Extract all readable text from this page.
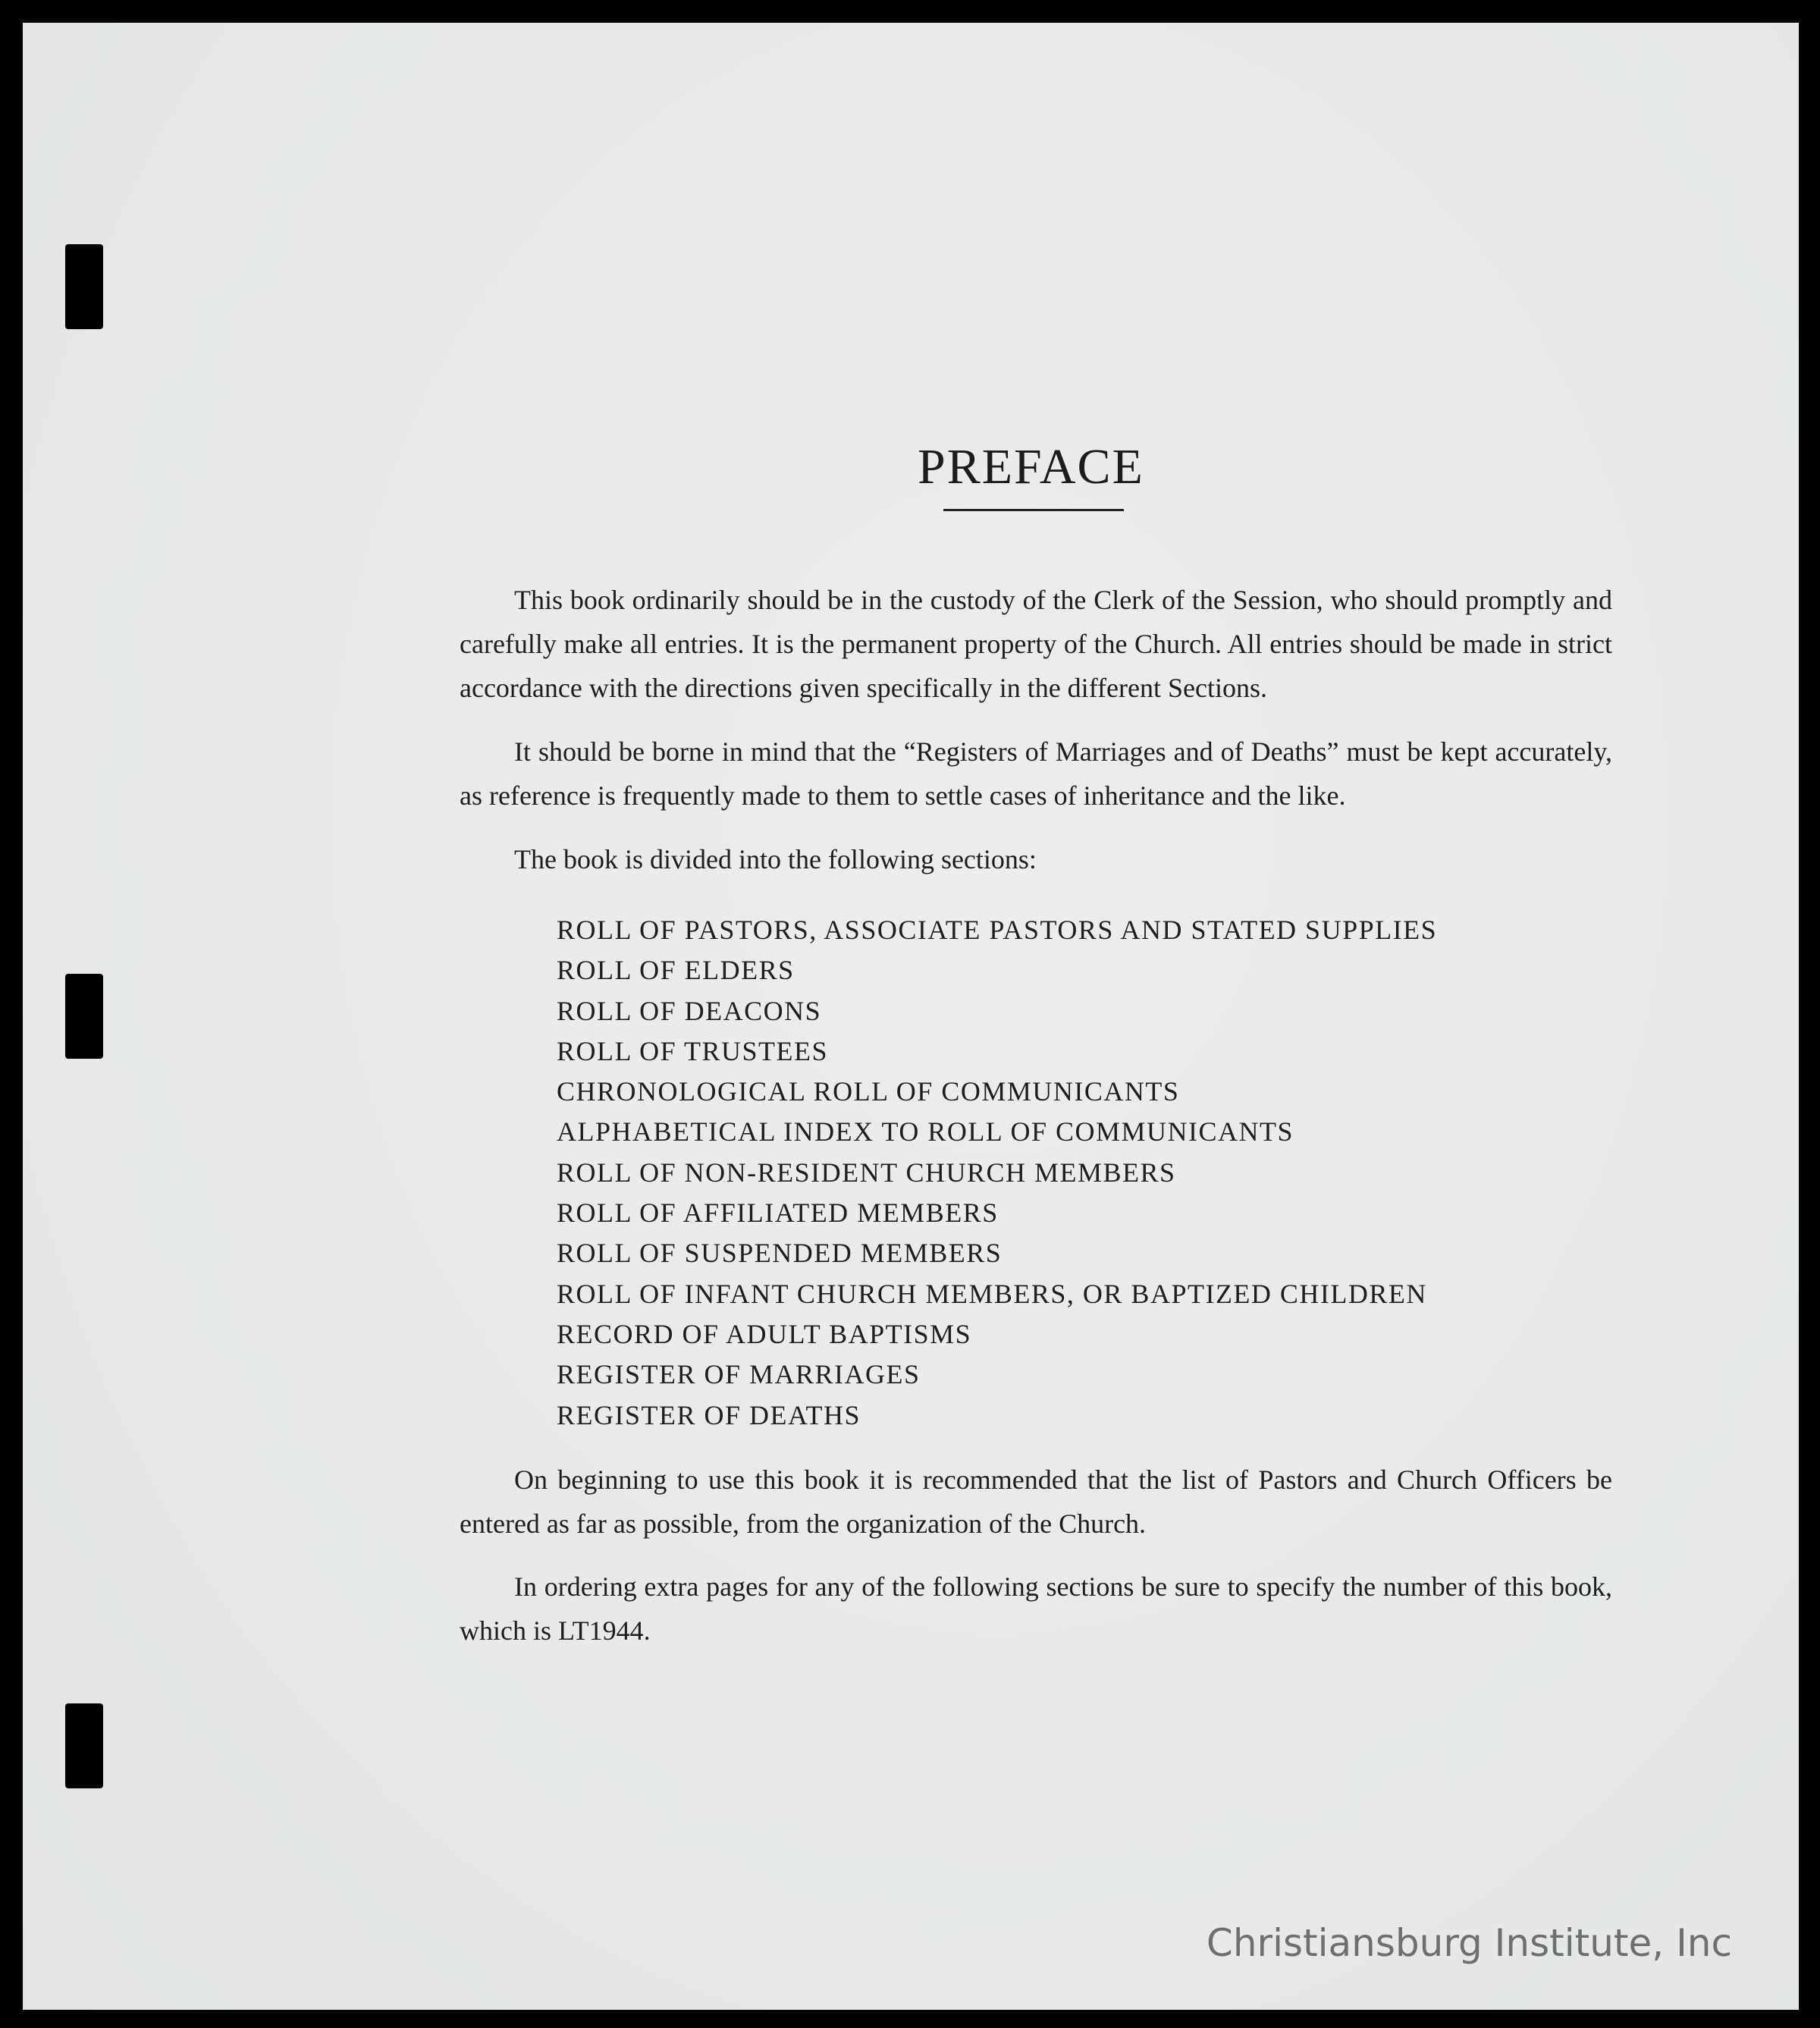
PREFACE

This book ordinarily should be in the custody of the Clerk of the Session, who should promptly and carefully make all entries. It is the permanent property of the Church. All entries should be made in strict accordance with the directions given specifically in the different Sections.

It should be borne in mind that the “Registers of Marriages and of Deaths” must be kept accurately, as reference is frequently made to them to settle cases of inheritance and the like.

The book is divided into the following sections:

ROLL OF PASTORS, ASSOCIATE PASTORS AND STATED SUPPLIES
ROLL OF ELDERS
ROLL OF DEACONS
ROLL OF TRUSTEES
CHRONOLOGICAL ROLL OF COMMUNICANTS
ALPHABETICAL INDEX TO ROLL OF COMMUNICANTS
ROLL OF NON-RESIDENT CHURCH MEMBERS
ROLL OF AFFILIATED MEMBERS
ROLL OF SUSPENDED MEMBERS
ROLL OF INFANT CHURCH MEMBERS, OR BAPTIZED CHILDREN
RECORD OF ADULT BAPTISMS
REGISTER OF MARRIAGES
REGISTER OF DEATHS

On beginning to use this book it is recommended that the list of Pastors and Church Officers be entered as far as possible, from the organization of the Church.

In ordering extra pages for any of the following sections be sure to specify the number of this book, which is LT1944.

Christiansburg Institute, Inc
